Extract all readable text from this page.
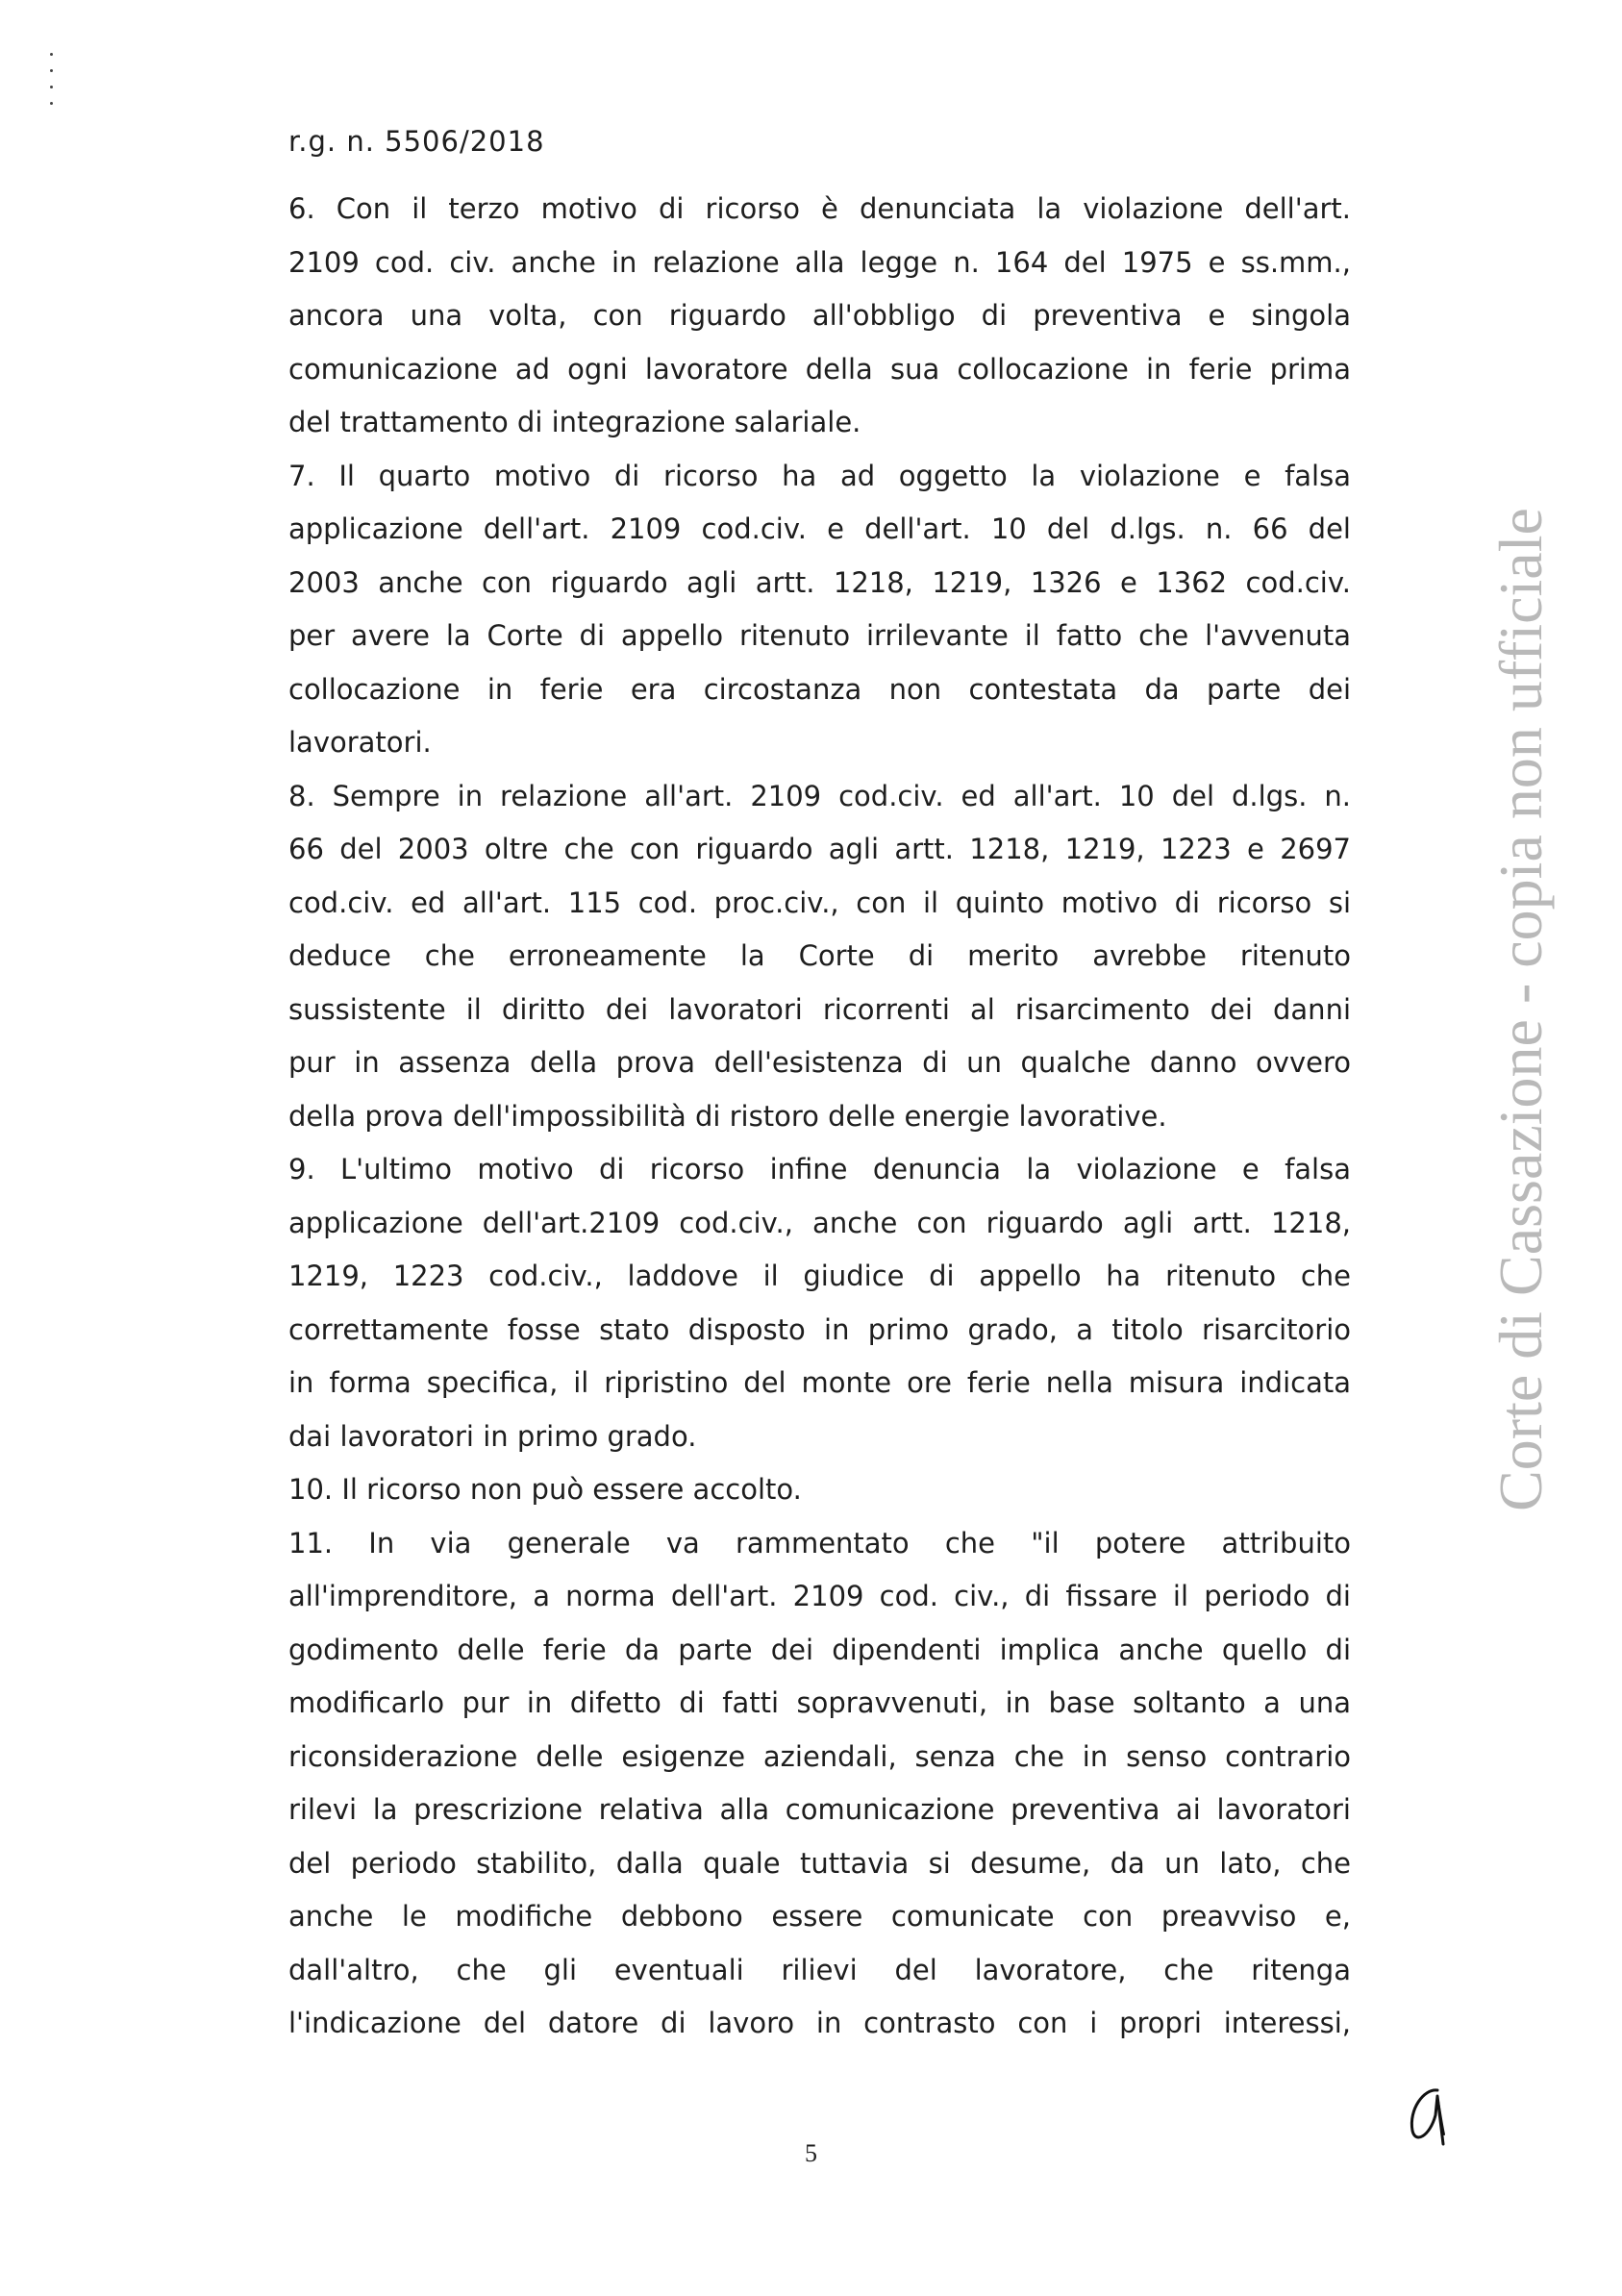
r.g. n. 5506/2018

6. Con il terzo motivo di ricorso è denunciata la violazione dell'art.

2109 cod. civ. anche in relazione alla legge n. 164 del 1975 e ss.mm.,

ancora una volta, con riguardo all'obbligo di preventiva e singola

comunicazione ad ogni lavoratore della sua collocazione in ferie prima

del trattamento di integrazione salariale.

7. Il quarto motivo di ricorso ha ad oggetto la violazione e falsa

applicazione dell'art. 2109 cod.civ. e dell'art. 10 del d.lgs. n. 66 del

2003 anche con riguardo agli artt. 1218, 1219, 1326 e 1362 cod.civ.

per avere la Corte di appello ritenuto irrilevante il fatto che l'avvenuta

collocazione in ferie era circostanza non contestata da parte dei

lavoratori.

8. Sempre in relazione all'art. 2109 cod.civ. ed all'art. 10 del d.lgs. n.

66 del 2003 oltre che con riguardo agli artt. 1218, 1219, 1223 e 2697

cod.civ. ed all'art. 115 cod. proc.civ., con il quinto motivo di ricorso si

deduce che erroneamente la Corte di merito avrebbe ritenuto

sussistente il diritto dei lavoratori ricorrenti al risarcimento dei danni

pur in assenza della prova dell'esistenza di un qualche danno ovvero

della prova dell'impossibilità di ristoro delle energie lavorative.

9. L'ultimo motivo di ricorso infine denuncia la violazione e falsa

applicazione dell'art.2109 cod.civ., anche con riguardo agli artt. 1218,

1219, 1223 cod.civ., laddove il giudice di appello ha ritenuto che

correttamente fosse stato disposto in primo grado, a titolo risarcitorio

in forma specifica, il ripristino del monte ore ferie nella misura indicata

dai lavoratori in primo grado.

10. Il ricorso non può essere accolto.

11. In via generale va rammentato che "il potere attribuito

all'imprenditore, a norma dell'art. 2109 cod. civ., di fissare il periodo di

godimento delle ferie da parte dei dipendenti implica anche quello di

modificarlo pur in difetto di fatti sopravvenuti, in base soltanto a una

riconsiderazione delle esigenze aziendali, senza che in senso contrario

rilevi la prescrizione relativa alla comunicazione preventiva ai lavoratori

del periodo stabilito, dalla quale tuttavia si desume, da un lato, che

anche le modifiche debbono essere comunicate con preavviso e,

dall'altro, che gli eventuali rilievi del lavoratore, che ritenga

l'indicazione del datore di lavoro in contrasto con i propri interessi,

Corte di Cassazione - copia non ufficiale
5
